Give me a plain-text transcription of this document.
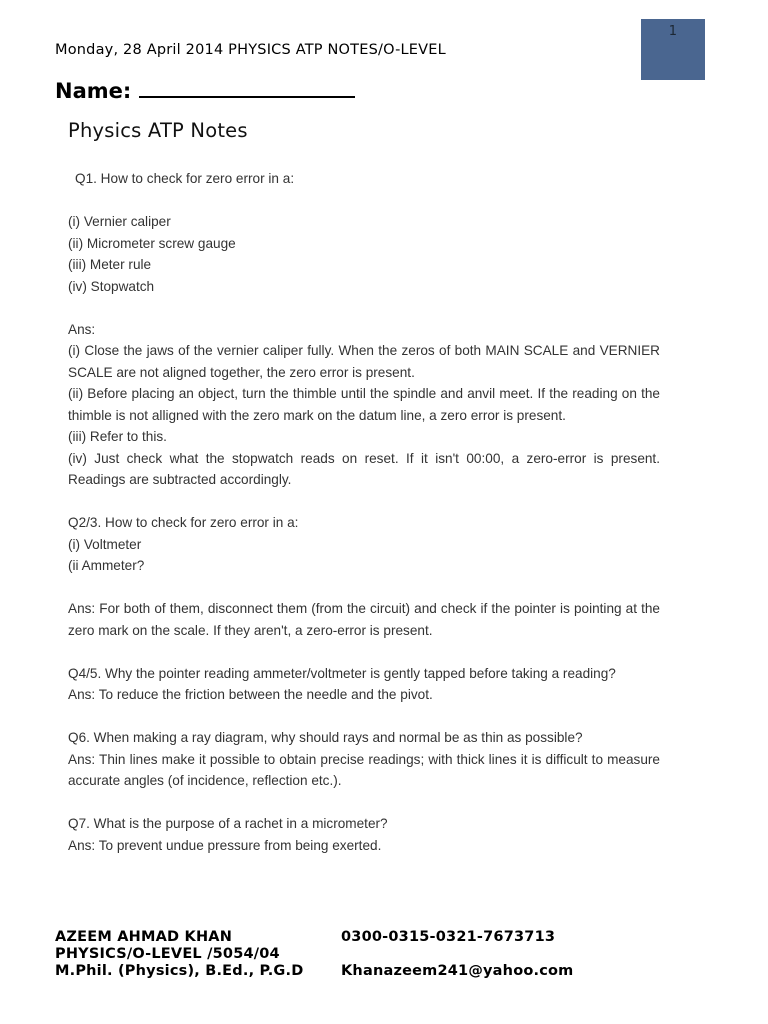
1
Monday, 28 April 2014 PHYSICS ATP NOTES/O-LEVEL
Name:
Physics ATP Notes

Q1. How to check for zero error in a:

(i) Vernier caliper

(ii) Micrometer screw gauge

(iii) Meter rule

(iv) Stopwatch

Ans:

(i) Close the jaws of the vernier caliper fully. When the zeros of both MAIN SCALE and VERNIER SCALE are not aligned together, the zero error is present.

(ii) Before placing an object, turn the thimble until the spindle and anvil meet. If the reading on the thimble is not alligned with the zero mark on the datum line, a zero error is present.

(iii) Refer to this.

(iv) Just check what the stopwatch reads on reset. If it isn't 00:00, a zero-error is present. Readings are subtracted accordingly.

Q2/3. How to check for zero error in a:

(i) Voltmeter

(ii Ammeter?

Ans: For both of them, disconnect them (from the circuit) and check if the pointer is pointing at the zero mark on the scale. If they aren't, a zero-error is present.

Q4/5. Why the pointer reading ammeter/voltmeter is gently tapped before taking a reading?

Ans: To reduce the friction between the needle and the pivot.

Q6. When making a ray diagram, why should rays and normal be as thin as possible?

Ans: Thin lines make it possible to obtain precise readings; with thick lines it is difficult to measure accurate angles (of incidence, reflection etc.).

Q7. What is the purpose of a rachet in a micrometer?

Ans: To prevent undue pressure from being exerted.

AZEEM AHMAD KHAN
PHYSICS/O-LEVEL /5054/04
M.Phil. (Physics), B.Ed., P.G.D
0300-0315-0321-7673713
Khanazeem241@yahoo.com
